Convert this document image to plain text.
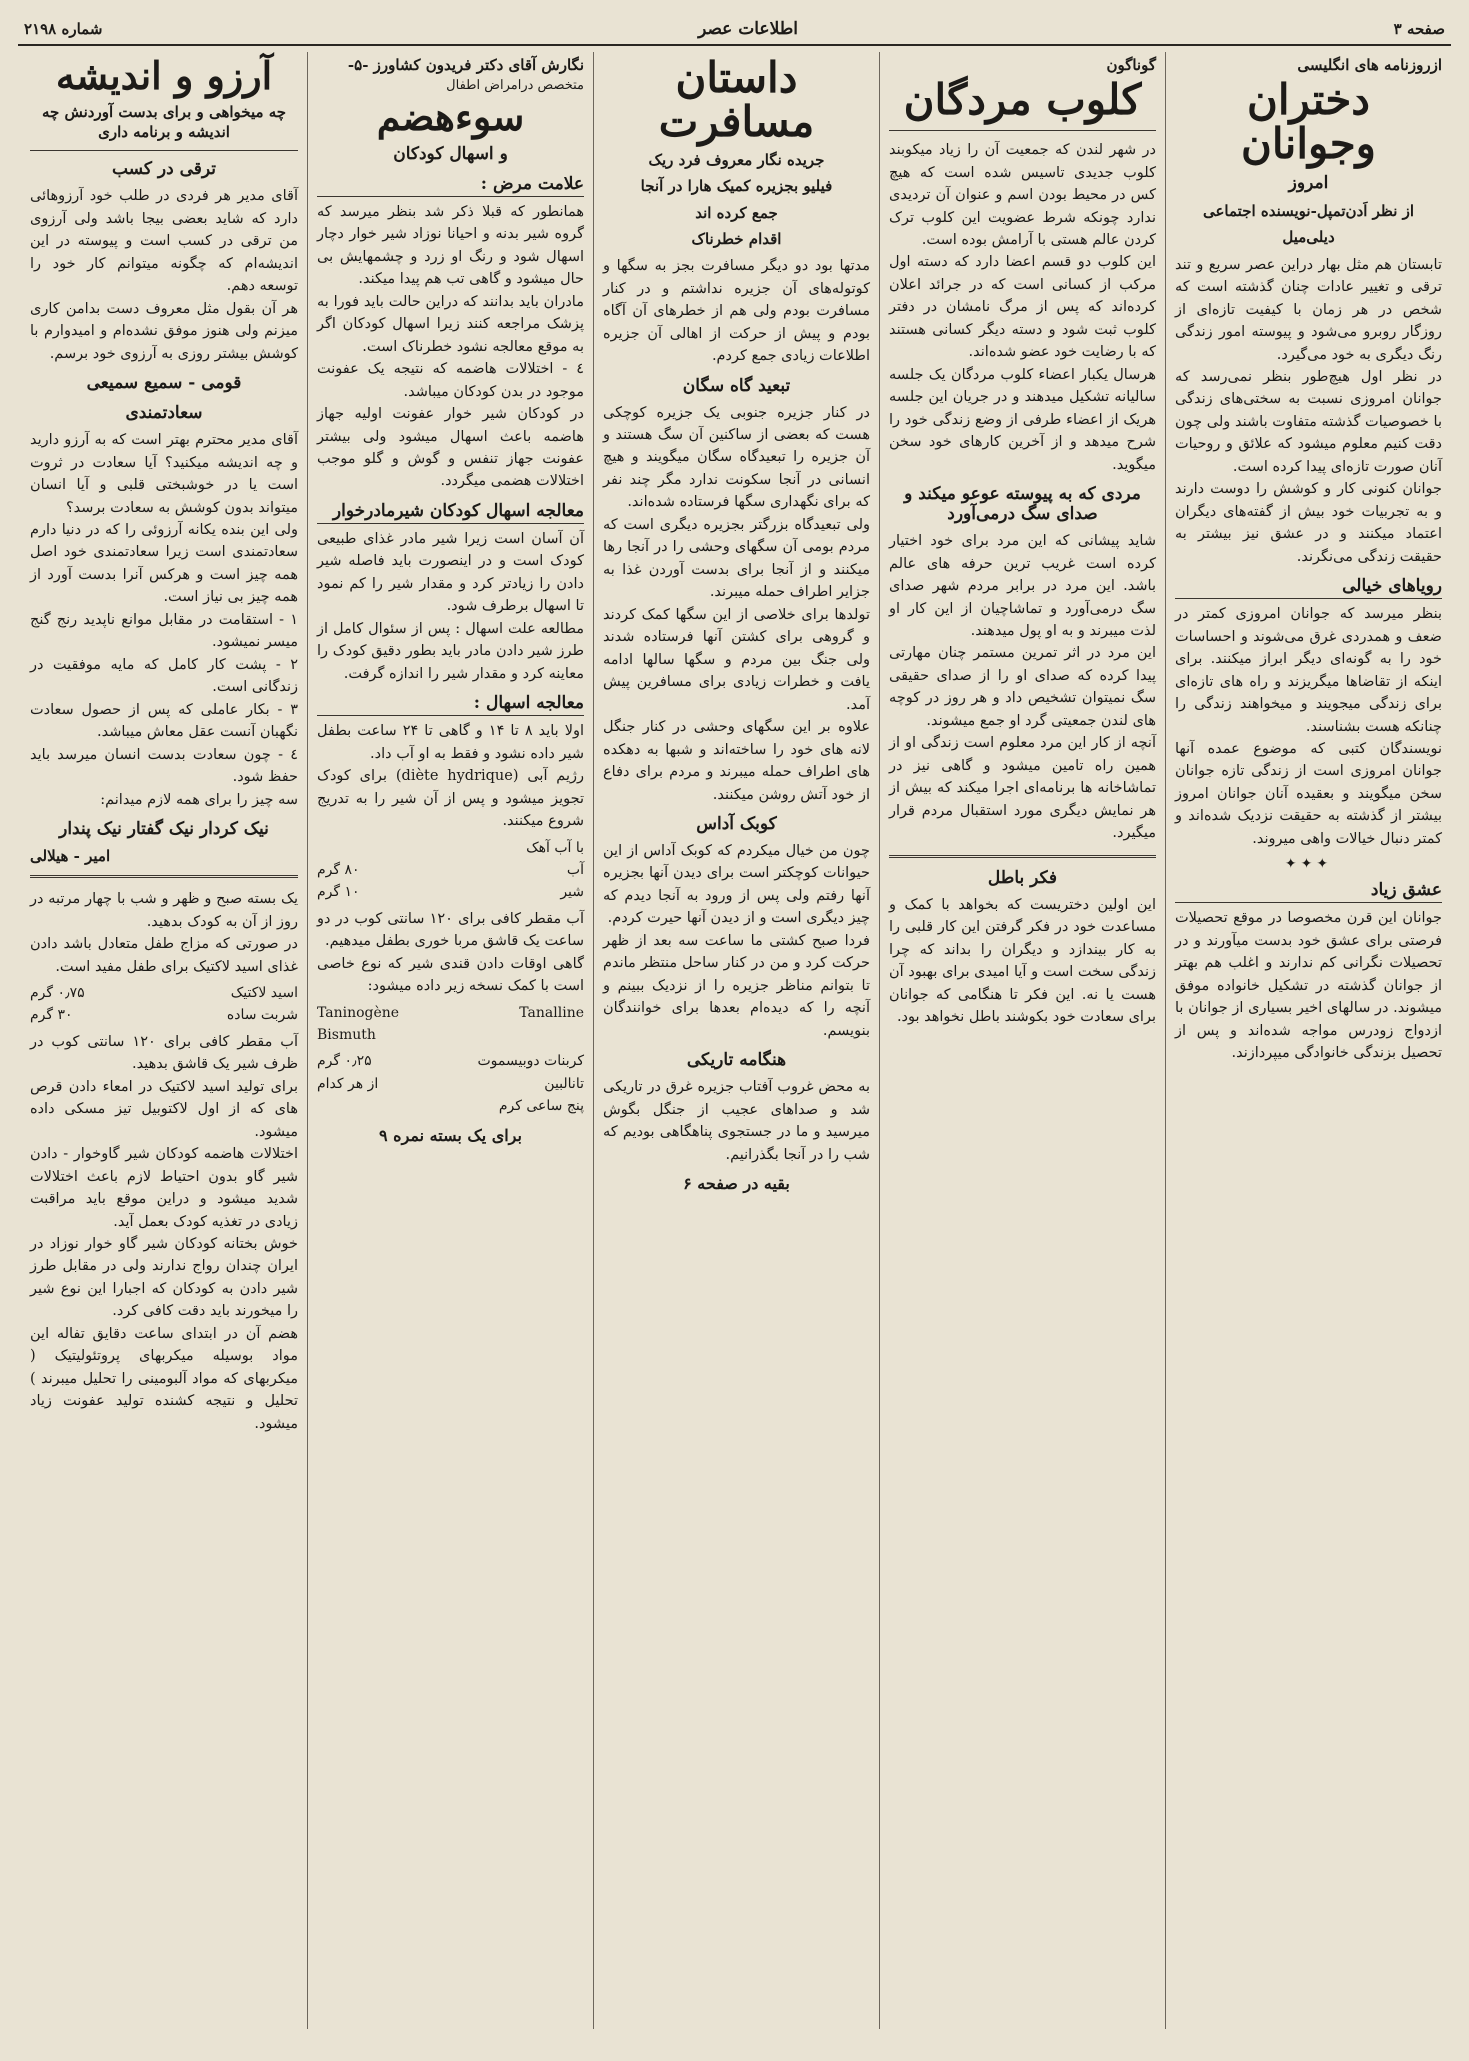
صفحه ۳
اطلاعات عصر
شماره ۲۱۹۸
ازروزنامه های انگلیسی
دختران وجوانان
امروز
از نظر اَدن‌تمپل-نویسنده اجتماعی
دیلی‌میل

تابستان هم مثل بهار دراین عصر سریع و تند ترقی و تغییر عادات چنان گذشته است که شخص در هر زمان با کیفیت تازه‌ای از روزگار روبرو می‌شود و پیوسته امور زندگی رنگ دیگری به خود می‌گیرد.

در نظر اول هیچ‌طور بنظر نمی‌رسد که جوانان امروزی نسبت به سختی‌های زندگی با خصوصیات گذشته متفاوت باشند ولی چون دقت کنیم معلوم میشود که علائق و روحیات آنان صورت تازه‌ای پیدا کرده است.

جوانان کنونی کار و کوشش را دوست دارند و به تجربیات خود بیش از گفته‌های دیگران اعتماد میکنند و در عشق نیز بیشتر به حقیقت زندگی می‌نگرند.

رویاهای خیالی

بنظر میرسد که جوانان امروزی کمتر در ضعف و همدردی غرق می‌شوند و احساسات خود را به گونه‌ای دیگر ابراز میکنند. برای اینکه از تقاضاها میگریزند و راه های تازه‌ای برای زندگی میجویند و میخواهند زندگی را چنانکه هست بشناسند.

نویسندگان کتبی که موضوع عمده آنها جوانان امروزی است از زندگی تازه جوانان سخن میگویند و بعقیده آنان جوانان امروز بیشتر از گذشته به حقیقت نزدیک شده‌اند و کمتر دنبال خیالات واهی میروند.

✦✦✦
عشق زیاد

جوانان این قرن مخصوصا در موقع تحصیلات فرصتی برای عشق خود بدست میآورند و در تحصیلات نگرانی کم ندارند و اغلب هم بهتر از جوانان گذشته در تشکیل خانواده موفق میشوند. در سالهای اخیر بسیاری از جوانان با ازدواج زودرس مواجه شده‌اند و پس از تحصیل بزندگی خانوادگی میپردازند.

گوناگون
کلوب مردگان

در شهر لندن که جمعیت آن را زیاد میکوبند کلوب جدیدی تاسیس شده است که هیچ کس در محیط بودن اسم و عنوان آن تردیدی ندارد چونکه شرط عضویت این کلوب ترک کردن عالم هستی با آرامش بوده است.

این کلوب دو قسم اعضا دارد که دسته اول مرکب از کسانی است که در جرائد اعلان کرده‌اند که پس از مرگ نامشان در دفتر کلوب ثبت شود و دسته دیگر کسانی هستند که با رضایت خود عضو شده‌اند.

هرسال یکبار اعضاء کلوب مردگان یک جلسه سالیانه تشکیل میدهند و در جریان این جلسه هریک از اعضاء طرفی از وضع زندگی خود را شرح میدهد و از آخرین کارهای خود سخن میگوید.

مردی که به پیوسته عوعو میکند و صدای سگ درمی‌آورد

شاید پیشانی که این مرد برای خود اختیار کرده است غریب ترین حرفه های عالم باشد. این مرد در برابر مردم شهر صدای سگ درمی‌آورد و تماشاچیان از این کار او لذت میبرند و به او پول میدهند.

این مرد در اثر تمرین مستمر چنان مهارتی پیدا کرده که صدای او را از صدای حقیقی سگ نمیتوان تشخیص داد و هر روز در کوچه های لندن جمعیتی گرد او جمع میشوند.

آنچه از کار این مرد معلوم است زندگی او از همین راه تامین میشود و گاهی نیز در تماشاخانه ها برنامه‌ای اجرا میکند که بیش از هر نمایش دیگری مورد استقبال مردم قرار میگیرد.

فکر باطل

این اولین دختریست که بخواهد با کمک و مساعدت خود در فکر گرفتن این کار قلبی را به کار بیندازد و دیگران را بداند که چرا زندگی سخت است و آیا امیدی برای بهبود آن هست یا نه. این فکر تا هنگامی که جوانان برای سعادت خود بکوشند باطل نخواهد بود.

داستان مسافرت
جریده نگار معروف فرد ریک
فیلیو بجزیره کمیک هارا در آنجا
جمع کرده اند
اقدام خطرناک

مدتها بود دو دیگر مسافرت بجز به سگها و کوتوله‌های آن جزیره نداشتم و در کنار مسافرت بودم ولی هم از خطرهای آن آگاه بودم و پیش از حرکت از اهالی آن جزیره اطلاعات زیادی جمع کردم.

تبعید گاه سگان

در کنار جزیره جنوبی یک جزیره کوچکی هست که بعضی از ساکنین آن سگ هستند و آن جزیره را تبعیدگاه سگان میگویند و هیچ انسانی در آنجا سکونت ندارد مگر چند نفر که برای نگهداری سگها فرستاده شده‌اند.

ولی تبعیدگاه بزرگتر بجزیره دیگری است که مردم بومی آن سگهای وحشی را در آنجا رها میکنند و از آنجا برای بدست آوردن غذا به جزایر اطراف حمله میبرند.

تولدها برای خلاصی از این سگها کمک کردند و گروهی برای کشتن آنها فرستاده شدند ولی جنگ بین مردم و سگها سالها ادامه یافت و خطرات زیادی برای مسافرین پیش آمد.

علاوه بر این سگهای وحشی در کنار جنگل لانه های خود را ساخته‌اند و شبها به دهکده های اطراف حمله میبرند و مردم برای دفاع از خود آتش روشن میکنند.

کوبک آداس

چون من خیال میکردم که کوبک آداس از این حیوانات کوچکتر است برای دیدن آنها بجزیره آنها رفتم ولی پس از ورود به آنجا دیدم که چیز دیگری است و از دیدن آنها حیرت کردم.

فردا صبح کشتی ما ساعت سه بعد از ظهر حرکت کرد و من در کنار ساحل منتظر ماندم تا بتوانم مناظر جزیره را از نزدیک ببینم و آنچه را که دیده‌ام بعدها برای خوانندگان بنویسم.

هنگامه تاریکی

به محض غروب آفتاب جزیره غرق در تاریکی شد و صداهای عجیب از جنگل بگوش میرسید و ما در جستجوی پناهگاهی بودیم که شب را در آنجا بگذرانیم.

بقیه در صفحه ۶
نگارش آقای دکتر فریدون کشاورز -۵-
متخصص درامراض اطفال
سوءهضم
و اسهال کودکان
علامت مرض :

همانطور که قبلا ذکر شد بنظر میرسد که گروه شیر بدنه و احیانا نوزاد شیر خوار دچار اسهال شود و رنگ او زرد و چشمهایش بی حال میشود و گاهی تب هم پیدا میکند.

مادران باید بدانند که دراین حالت باید فورا به پزشک مراجعه کنند زیرا اسهال کودکان اگر به موقع معالجه نشود خطرناک است.

٤ - اختلالات هاضمه که نتیجه یک عفونت موجود در بدن کودکان میباشد.

در کودکان شیر خوار عفونت اولیه جهاز هاضمه باعث اسهال میشود ولی بیشتر عفونت جهاز تنفس و گوش و گلو موجب اختلالات هضمی میگردد.

معالجه اسهال کودکان شیرمادرخوار

آن آسان است زیرا شیر مادر غذای طبیعی کودک است و در اینصورت باید فاصله شیر دادن را زیادتر کرد و مقدار شیر را کم نمود تا اسهال برطرف شود.

مطالعه علت اسهال : پس از سئوال کامل از طرز شیر دادن مادر باید بطور دقیق کودک را معاینه کرد و مقدار شیر را اندازه گرفت.

معالجه اسهال :

اولا باید ۸ تا ۱۴ و گاهی تا ۲۴ ساعت بطفل شیر داده نشود و فقط به او آب داد.

رژیم آبی (diète hydrique) برای کودک تجویز میشود و پس از آن شیر را به تدریج شروع میکنند.

با آب آهک
آب
۸۰ گرم
شیر
۱۰ گرم

آب مقطر کافی برای ۱۲۰ سانتی کوب در دو ساعت یک قاشق مربا خوری بطفل میدهیم.

گاهی اوقات دادن قندی شیر که نوع خاصی است با کمک نسخه زیر داده میشود:

Taninogène	Tanalline
Bismuth
کربنات دوبیسموت
۰٫۲۵ گرم
تانالبین
از هر کدام
پنج ساعی کرم
برای یک بسته نمره ۹
آرزو و اندیشه
چه میخواهی و برای بدست آوردنش چه اندیشه و برنامه داری
ترقی در کسب

آقای مدیر هر فردی در طلب خود آرزوهائی دارد که شاید بعضی بیجا باشد ولی آرزوی من ترقی در کسب است و پیوسته در این اندیشه‌ام که چگونه میتوانم کار خود را توسعه دهم.

هر آن بقول مثل معروف دست بدامن کاری میزنم ولی هنوز موفق نشده‌ام و امیدوارم با کوشش بیشتر روزی به آرزوی خود برسم.

قومی - سمیع سمیعی
سعادتمندی

آقای مدیر محترم بهتر است که به آرزو دارید و چه اندیشه میکنید؟ آیا سعادت در ثروت است یا در خوشبختی قلبی و آیا انسان میتواند بدون کوشش به سعادت برسد؟

ولی این بنده یکانه آرزوئی را که در دنیا دارم سعادتمندی است زیرا سعادتمندی خود اصل همه چیز است و هرکس آنرا بدست آورد از همه چیز بی نیاز است.

۱ - استقامت در مقابل موانع ناپدید رنج گنج میسر نمیشود.

۲ - پشت کار کامل که مایه موفقیت در زندگانی است.

۳ - بکار عاملی که پس از حصول سعادت نگهبان آنست عقل معاش میباشد.

٤ - چون سعادت بدست انسان میرسد باید حفظ شود.

سه چیز را برای همه لازم میدانم:

نیک کردار نیک گفتار نیک پندار
امیر - هیلالی

یک بسته صبح و ظهر و شب با چهار مرتبه در روز از آن به کودک بدهید.

در صورتی که مزاج طفل متعادل باشد دادن غذای اسید لاکتیک برای طفل مفید است.

اسید لاکتیک
۰٫۷۵ گرم
شربت ساده
۳۰ گرم

آب مقطر کافی برای ۱۲۰ سانتی کوب در ظرف شیر یک قاشق بدهید.

برای تولید اسید لاکتیک در امعاء دادن قرص های که از اول لاکتوبیل تیز مسکی داده میشود.

اختلالات هاضمه کودکان شیر گاوخوار - دادن شیر گاو بدون احتیاط لازم باعث اختلالات شدید میشود و دراین موقع باید مراقبت زیادی در تغذیه کودک بعمل آید.

خوش بختانه کودکان شیر گاو خوار نوزاد در ایران چندان رواج ندارند ولی در مقابل طرز شیر دادن به کودکان که اجبارا این نوع شیر را میخورند باید دقت کافی کرد.

هضم آن در ابتدای ساعت دقایق تفاله این مواد بوسیله میکربهای پروتئولیتیک ( میکربهای که مواد آلبومینی را تحلیل میبرند ) تحلیل و نتیجه کشنده تولید عفونت زیاد میشود.
